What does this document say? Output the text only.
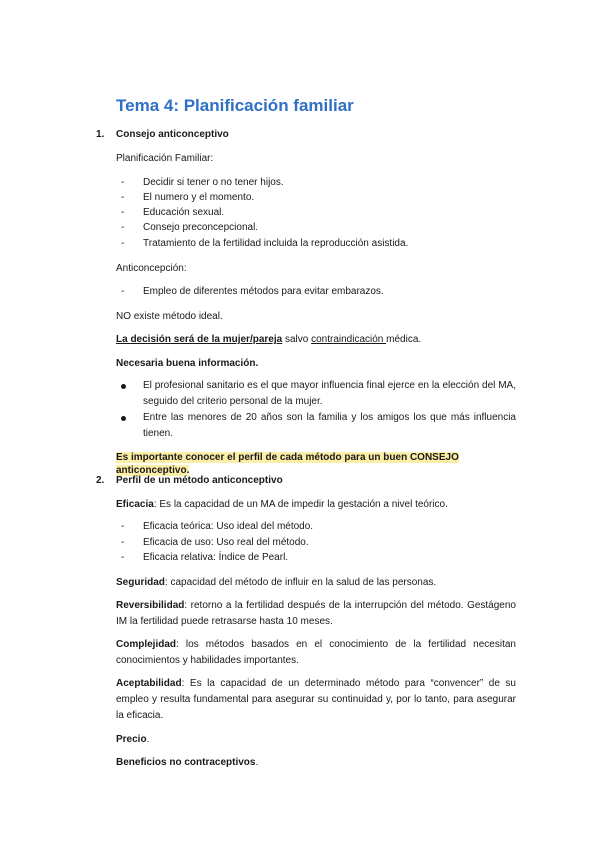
Tema 4: Planificación familiar
1. Consejo anticonceptivo
Planificación Familiar:
- Decidir si tener o no tener hijos.
- El numero y el momento.
- Educación sexual.
- Consejo preconcepcional.
- Tratamiento de la fertilidad incluida la reproducción asistida.
Anticoncepción:
- Empleo de diferentes métodos para evitar embarazos.
NO existe método ideal.
La decisión será de la mujer/pareja salvo contraindicación médica.
Necesaria buena información.
El profesional sanitario es el que mayor influencia final ejerce en la elección del MA, seguido del criterio personal de la mujer.
Entre las menores de 20 años son la familia y los amigos los que más influencia tienen.
Es importante conocer el perfil de cada método para un buen CONSEJO anticonceptivo.
2. Perfil de un método anticonceptivo
Eficacia: Es la capacidad de un MA de impedir la gestación a nivel teórico.
- Eficacia teórica: Uso ideal del método.
- Eficacia de uso: Uso real del método.
- Eficacia relativa: Índice de Pearl.
Seguridad: capacidad del método de influir en la salud de las personas.
Reversibilidad: retorno a la fertilidad después de la interrupción del método. Gestágeno IM la fertilidad puede retrasarse hasta 10 meses.
Complejidad: los métodos basados en el conocimiento de la fertilidad necesitan conocimientos y habilidades importantes.
Aceptabilidad: Es la capacidad de un determinado método para “convencer” de su empleo y resulta fundamental para asegurar su continuidad y, por lo tanto, para asegurar la eficacia.
Precio.
Beneficios no contraceptivos.
